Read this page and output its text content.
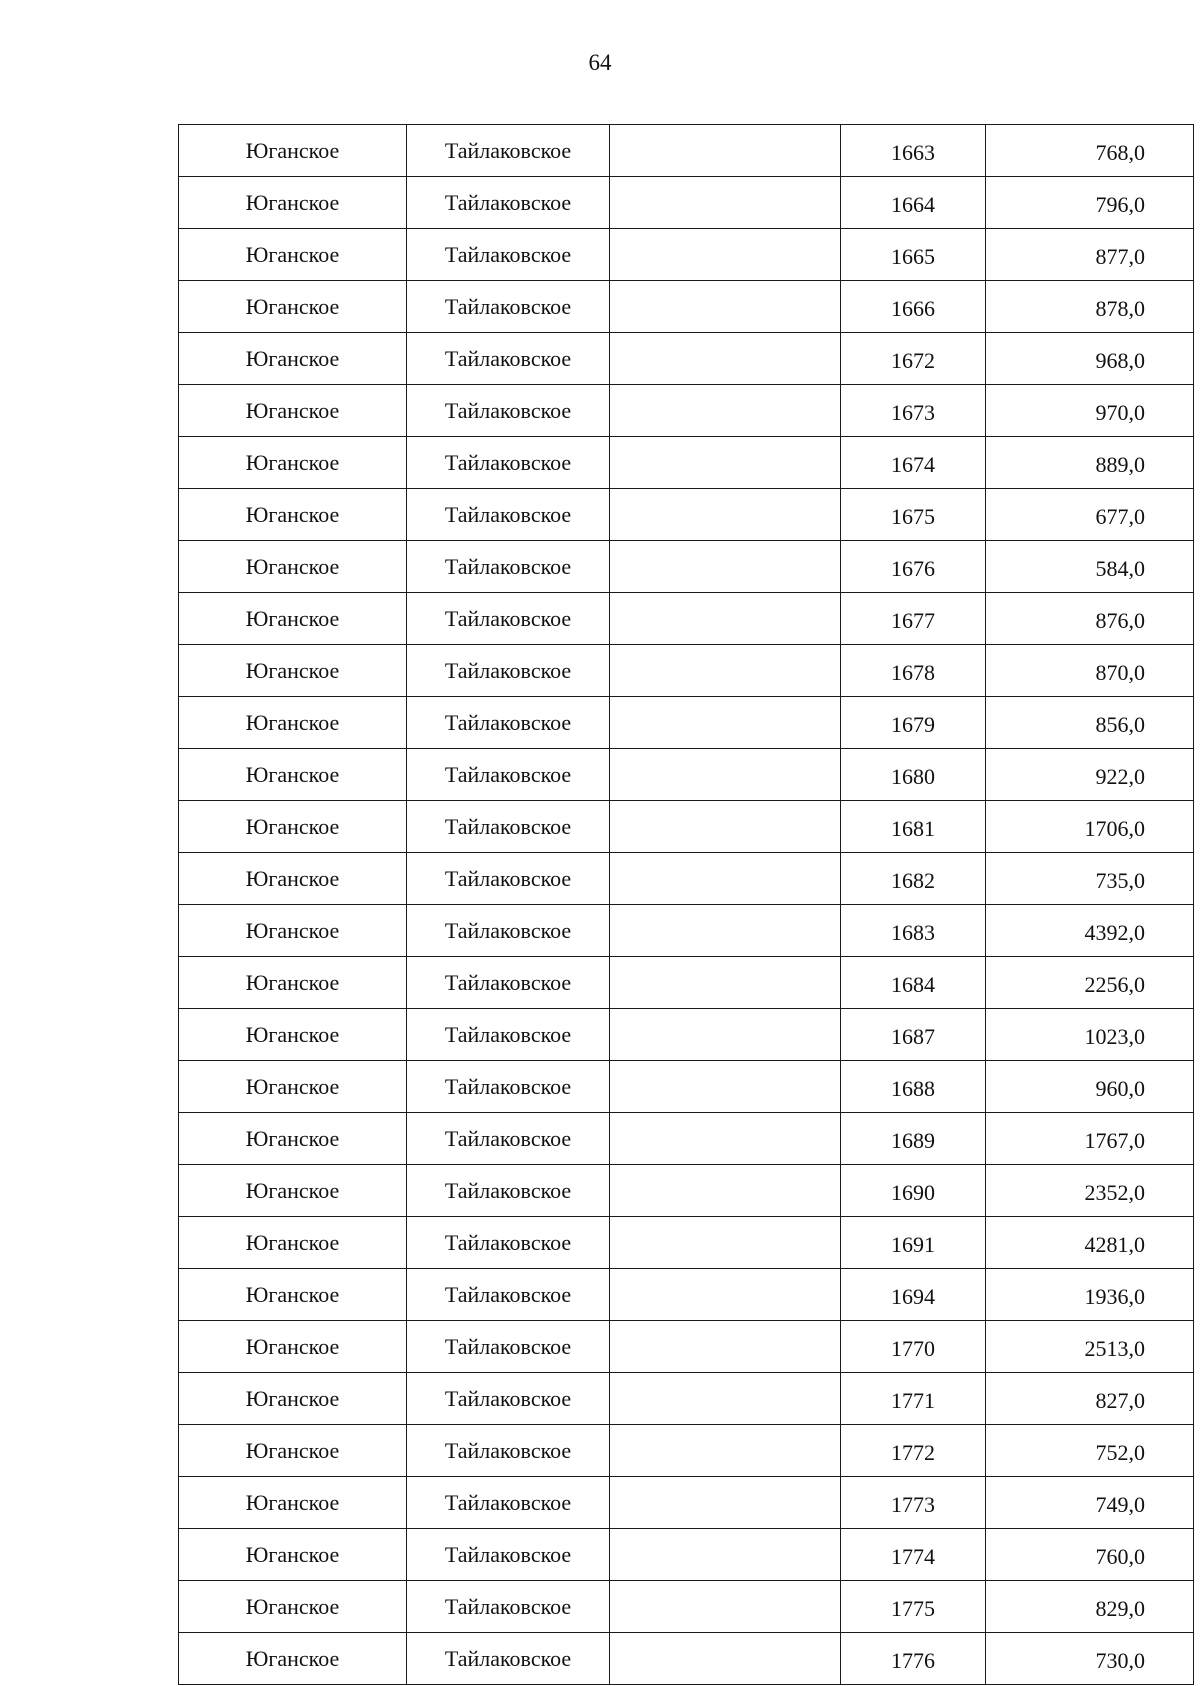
64
Юганское	Тайлаковское		1663	768,0
Юганское	Тайлаковское		1664	796,0
Юганское	Тайлаковское		1665	877,0
Юганское	Тайлаковское		1666	878,0
Юганское	Тайлаковское		1672	968,0
Юганское	Тайлаковское		1673	970,0
Юганское	Тайлаковское		1674	889,0
Юганское	Тайлаковское		1675	677,0
Юганское	Тайлаковское		1676	584,0
Юганское	Тайлаковское		1677	876,0
Юганское	Тайлаковское		1678	870,0
Юганское	Тайлаковское		1679	856,0
Юганское	Тайлаковское		1680	922,0
Юганское	Тайлаковское		1681	1706,0
Юганское	Тайлаковское		1682	735,0
Юганское	Тайлаковское		1683	4392,0
Юганское	Тайлаковское		1684	2256,0
Юганское	Тайлаковское		1687	1023,0
Юганское	Тайлаковское		1688	960,0
Юганское	Тайлаковское		1689	1767,0
Юганское	Тайлаковское		1690	2352,0
Юганское	Тайлаковское		1691	4281,0
Юганское	Тайлаковское		1694	1936,0
Юганское	Тайлаковское		1770	2513,0
Юганское	Тайлаковское		1771	827,0
Юганское	Тайлаковское		1772	752,0
Юганское	Тайлаковское		1773	749,0
Юганское	Тайлаковское		1774	760,0
Юганское	Тайлаковское		1775	829,0
Юганское	Тайлаковское		1776	730,0
